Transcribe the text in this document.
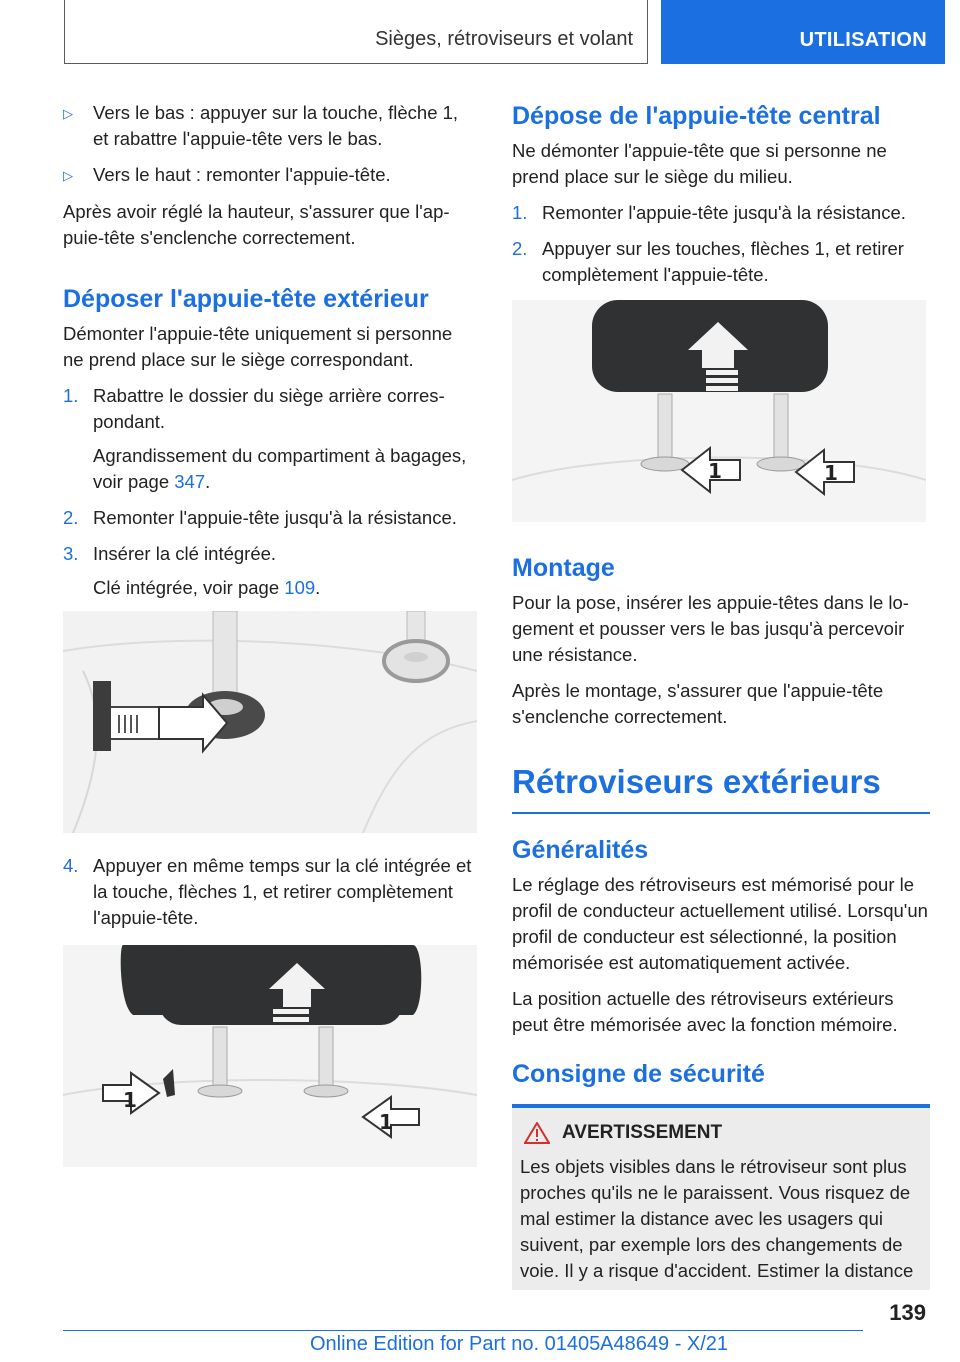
Sièges, rétroviseurs et volant	UTILISATION
▷	Vers le bas : appuyer sur la touche, flèche 1, et rabattre l'appuie-tête vers le bas.
▷	Vers le haut : remonter l'appuie-tête.

Après avoir réglé la hauteur, s'assurer que l'appuie-tête s'enclenche correctement.

Déposer l'appuie-tête extérieur

Démonter l'appuie-tête uniquement si personne ne prend place sur le siège correspondant.

1. Rabattre le dossier du siège arrière correspondant.

Agrandissement du compartiment à bagages, voir page 347.

2. Remonter l'appuie-tête jusqu'à la résistance.
3. Insérer la clé intégrée.

Clé intégrée, voir page 109.

4. Appuyer en même temps sur la clé intégrée et la touche, flèches 1, et retirer complètement l'appuie-tête.
1
1
Dépose de l'appuie-tête central

Ne démonter l'appuie-tête que si personne ne prend place sur le siège du milieu.

1. Remonter l'appuie-tête jusqu'à la résistance.
2. Appuyer sur les touches, flèches 1, et retirer complètement l'appuie-tête.
1	1
Montage

Pour la pose, insérer les appuie-têtes dans le logement et pousser vers le bas jusqu'à percevoir une résistance.

Après le montage, s'assurer que l'appuie-tête s'enclenche correctement.

Rétroviseurs extérieurs
Généralités

Le réglage des rétroviseurs est mémorisé pour le profil de conducteur actuellement utilisé. Lorsqu'un profil de conducteur est sélectionné, la position mémorisée est automatiquement activée.

La position actuelle des rétroviseurs extérieurs peut être mémorisée avec la fonction mémoire.

Consigne de sécurité
AVERTISSEMENT

Les objets visibles dans le rétroviseur sont plus proches qu'ils ne le paraissent. Vous risquez de mal estimer la distance avec les usagers qui suivent, par exemple lors des changements de voie. Il y a risque d'accident. Estimer la distance

139
Online Edition for Part no. 01405A48649 - X/21
